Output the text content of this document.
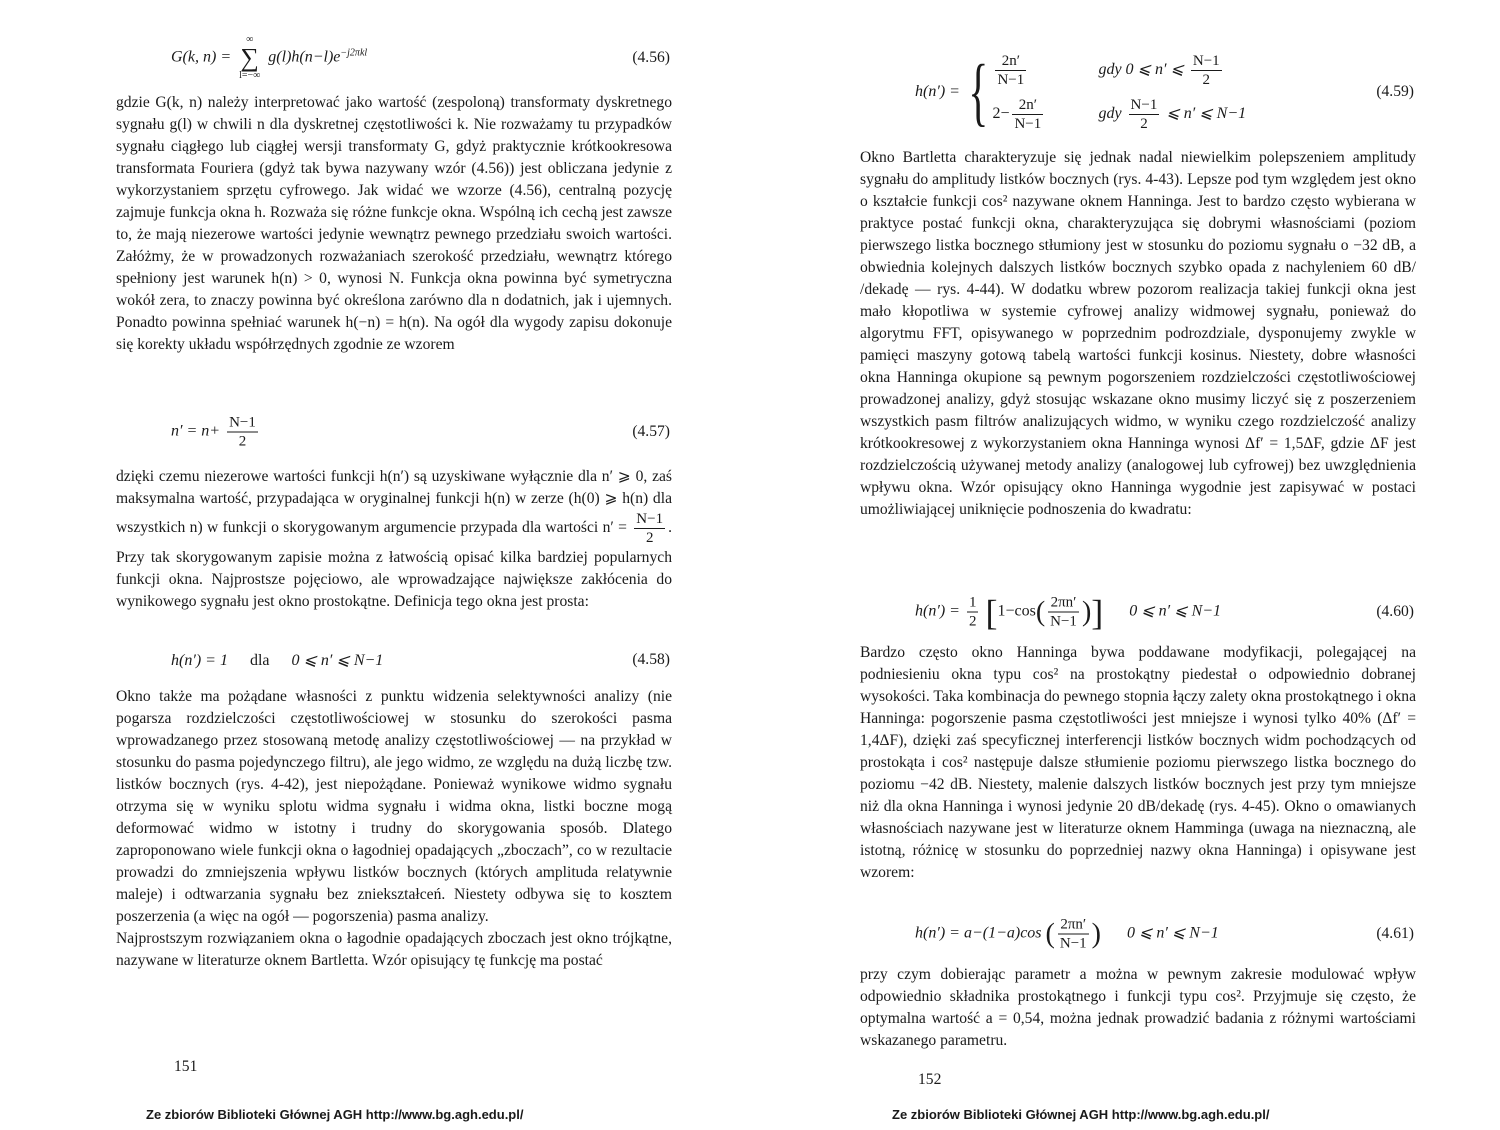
G(k, n) =
∞
∑
l=−∞
$g(l)h(n-l)e^{-j2\pi kl}$	(4.56)

gdzie G(k, n) należy interpretować jako wartość (zespoloną) transformaty dyskretnego sygnału g(l) w chwili n dla dyskretnej częstotliwości k. Nie rozważamy tu przypadków sygnału ciągłego lub ciągłej wersji transformaty G, gdyż praktycznie krótkookresowa transformata Fouriera (gdyż tak bywa nazywany wzór (4.56)) jest obliczana jedynie z wykorzystaniem sprzętu cyfrowego. Jak widać we wzorze (4.56), centralną pozycję zajmuje funkcja okna h. Rozważa się różne funkcje okna. Wspólną ich cechą jest zawsze to, że mają niezerowe wartości jedynie wewnątrz pewnego przedziału swoich wartości. Załóżmy, że w prowadzonych rozważaniach szerokość przedziału, wewnątrz którego spełniony jest warunek h(n) > 0, wynosi N. Funkcja okna powinna być symetryczna wokół zera, to znaczy powinna być określona zarówno dla n dodatnich, jak i ujemnych. Ponadto powinna spełniać warunek h(−n) = h(n). Na ogół dla wygody zapisu dokonuje się korekty układu współrzędnych zgodnie ze wzorem

$n' = n+ \frac{N-1}{2}$	(4.57)

dzięki czemu niezerowe wartości funkcji h(n′) są uzyskiwane wyłącznie dla n′ ⩾ 0, zaś maksymalna wartość, przypadająca w oryginalnej funkcji h(n) w zerze (h(0) ⩾ h(n) dla wszystkich n) w funkcji o skorygowanym argumencie przypada dla wartości $n' = \frac{N-1}{2}$ . Przy tak skorygowanym zapisie można z łatwością opisać kilka bardziej popularnych funkcji okna. Najprostsze pojęciowo, ale wprowadzające największe zakłócenia do wynikowego sygnału jest okno prostokątne. Definicja tego okna jest prosta:

h(n′) = 1 dla 0 ⩽ n′ ⩽ N−1	(4.58)

Okno także ma pożądane własności z punktu widzenia selektywności analizy (nie pogarsza rozdzielczości częstotliwościowej w stosunku do szerokości pasma wprowadzanego przez stosowaną metodę analizy częstotliwościowej — na przykład w stosunku do pasma pojedynczego filtru), ale jego widmo, ze względu na dużą liczbę tzw. listków bocznych (rys. 4-42), jest niepożądane. Ponieważ wynikowe widmo sygnału otrzyma się w wyniku splotu widma sygnału i widma okna, listki boczne mogą deformować widmo w istotny i trudny do skorygowania sposób. Dlatego zaproponowano wiele funkcji okna o łagodniej opadających „zboczach”, co w rezultacie prowadzi do zmniejszenia wpływu listków bocznych (których amplituda relatywnie maleje) i odtwarzania sygnału bez zniekształceń. Niestety odbywa się to kosztem poszerzenia (a więc na ogół — pogorszenia) pasma analizy.

Najprostszym rozwiązaniem okna o łagodnie opadających zboczach jest okno trójkątne, nazywane w literaturze oknem Bartletta. Wzór opisujący tę funkcję ma postać

151
Ze zbiorów Biblioteki Głównej AGH http://www.bg.agh.edu.pl/
h(n′) = { $\frac{2n'}{N-1}$	gdy 0 ⩽ n′ ⩽ $\frac{N-1}{2}$
$2- \frac{2n'}{N-1}$	gdy $\frac{N-1}{2}$ ⩽ n′ ⩽ N−1
(4.59)

Okno Bartletta charakteryzuje się jednak nadal niewielkim polepszeniem amplitudy sygnału do amplitudy listków bocznych (rys. 4-43). Lepsze pod tym względem jest okno o kształcie funkcji cos² nazywane oknem Hanninga. Jest to bardzo często wybierana w praktyce postać funkcji okna, charakteryzująca się dobrymi własnościami (poziom pierwszego listka bocznego stłumiony jest w stosunku do poziomu sygnału o −32 dB, a obwiednia kolejnych dalszych listków bocznych szybko opada z nachyleniem 60 dB/ /dekadę — rys. 4-44). W dodatku wbrew pozorom realizacja takiej funkcji okna jest mało kłopotliwa w systemie cyfrowej analizy widmowej sygnału, ponieważ do algorytmu FFT, opisywanego w poprzednim podrozdziale, dysponujemy zwykle w pamięci maszyny gotową tabelą wartości funkcji kosinus. Niestety, dobre własności okna Hanninga okupione są pewnym pogorszeniem rozdzielczości częstotliwościowej prowadzonej analizy, gdyż stosując wskazane okno musimy liczyć się z poszerzeniem wszystkich pasm filtrów analizujących widmo, w wyniku czego rozdzielczość analizy krótkookresowej z wykorzystaniem okna Hanninga wynosi Δf′ = 1,5ΔF, gdzie ΔF jest rozdzielczością używanej metody analizy (analogowej lub cyfrowej) bez uwzględnienia wpływu okna. Wzór opisujący okno Hanninga wygodnie jest zapisywać w postaci umożliwiającej uniknięcie podnoszenia do kwadratu:

$h(n') = \frac{1}{2} [1-\cos( \frac{2\pi n'}{N-1}$ )] 0 ⩽ n′ ⩽ N−1	(4.60)

Bardzo często okno Hanninga bywa poddawane modyfikacji, polegającej na podniesieniu okna typu cos² na prostokątny piedestał o odpowiednio dobranej wysokości. Taka kombinacja do pewnego stopnia łączy zalety okna prostokątnego i okna Hanninga: pogorszenie pasma częstotliwości jest mniejsze i wynosi tylko 40% (Δf′ = 1,4ΔF), dzięki zaś specyficznej interferencji listków bocznych widm pochodzących od prostokąta i cos² następuje dalsze stłumienie poziomu pierwszego listka bocznego do poziomu −42 dB. Niestety, malenie dalszych listków bocznych jest przy tym mniejsze niż dla okna Hanninga i wynosi jedynie 20 dB/dekadę (rys. 4-45). Okno o omawianych własnościach nazywane jest w literaturze oknem Hamminga (uwaga na nieznaczną, ale istotną, różnicę w stosunku do poprzedniej nazwy okna Hanninga) i opisywane jest wzorem:

h(n′) = a−(1−a)cos ( $\frac{2\pi n'}{N-1}$ ) 0 ⩽ n′ ⩽ N−1	(4.61)

przy czym dobierając parametr a można w pewnym zakresie modulować wpływ odpowiednio składnika prostokątnego i funkcji typu cos². Przyjmuje się często, że optymalna wartość a = 0,54, można jednak prowadzić badania z różnymi wartościami wskazanego parametru.

152
Ze zbiorów Biblioteki Głównej AGH http://www.bg.agh.edu.pl/
